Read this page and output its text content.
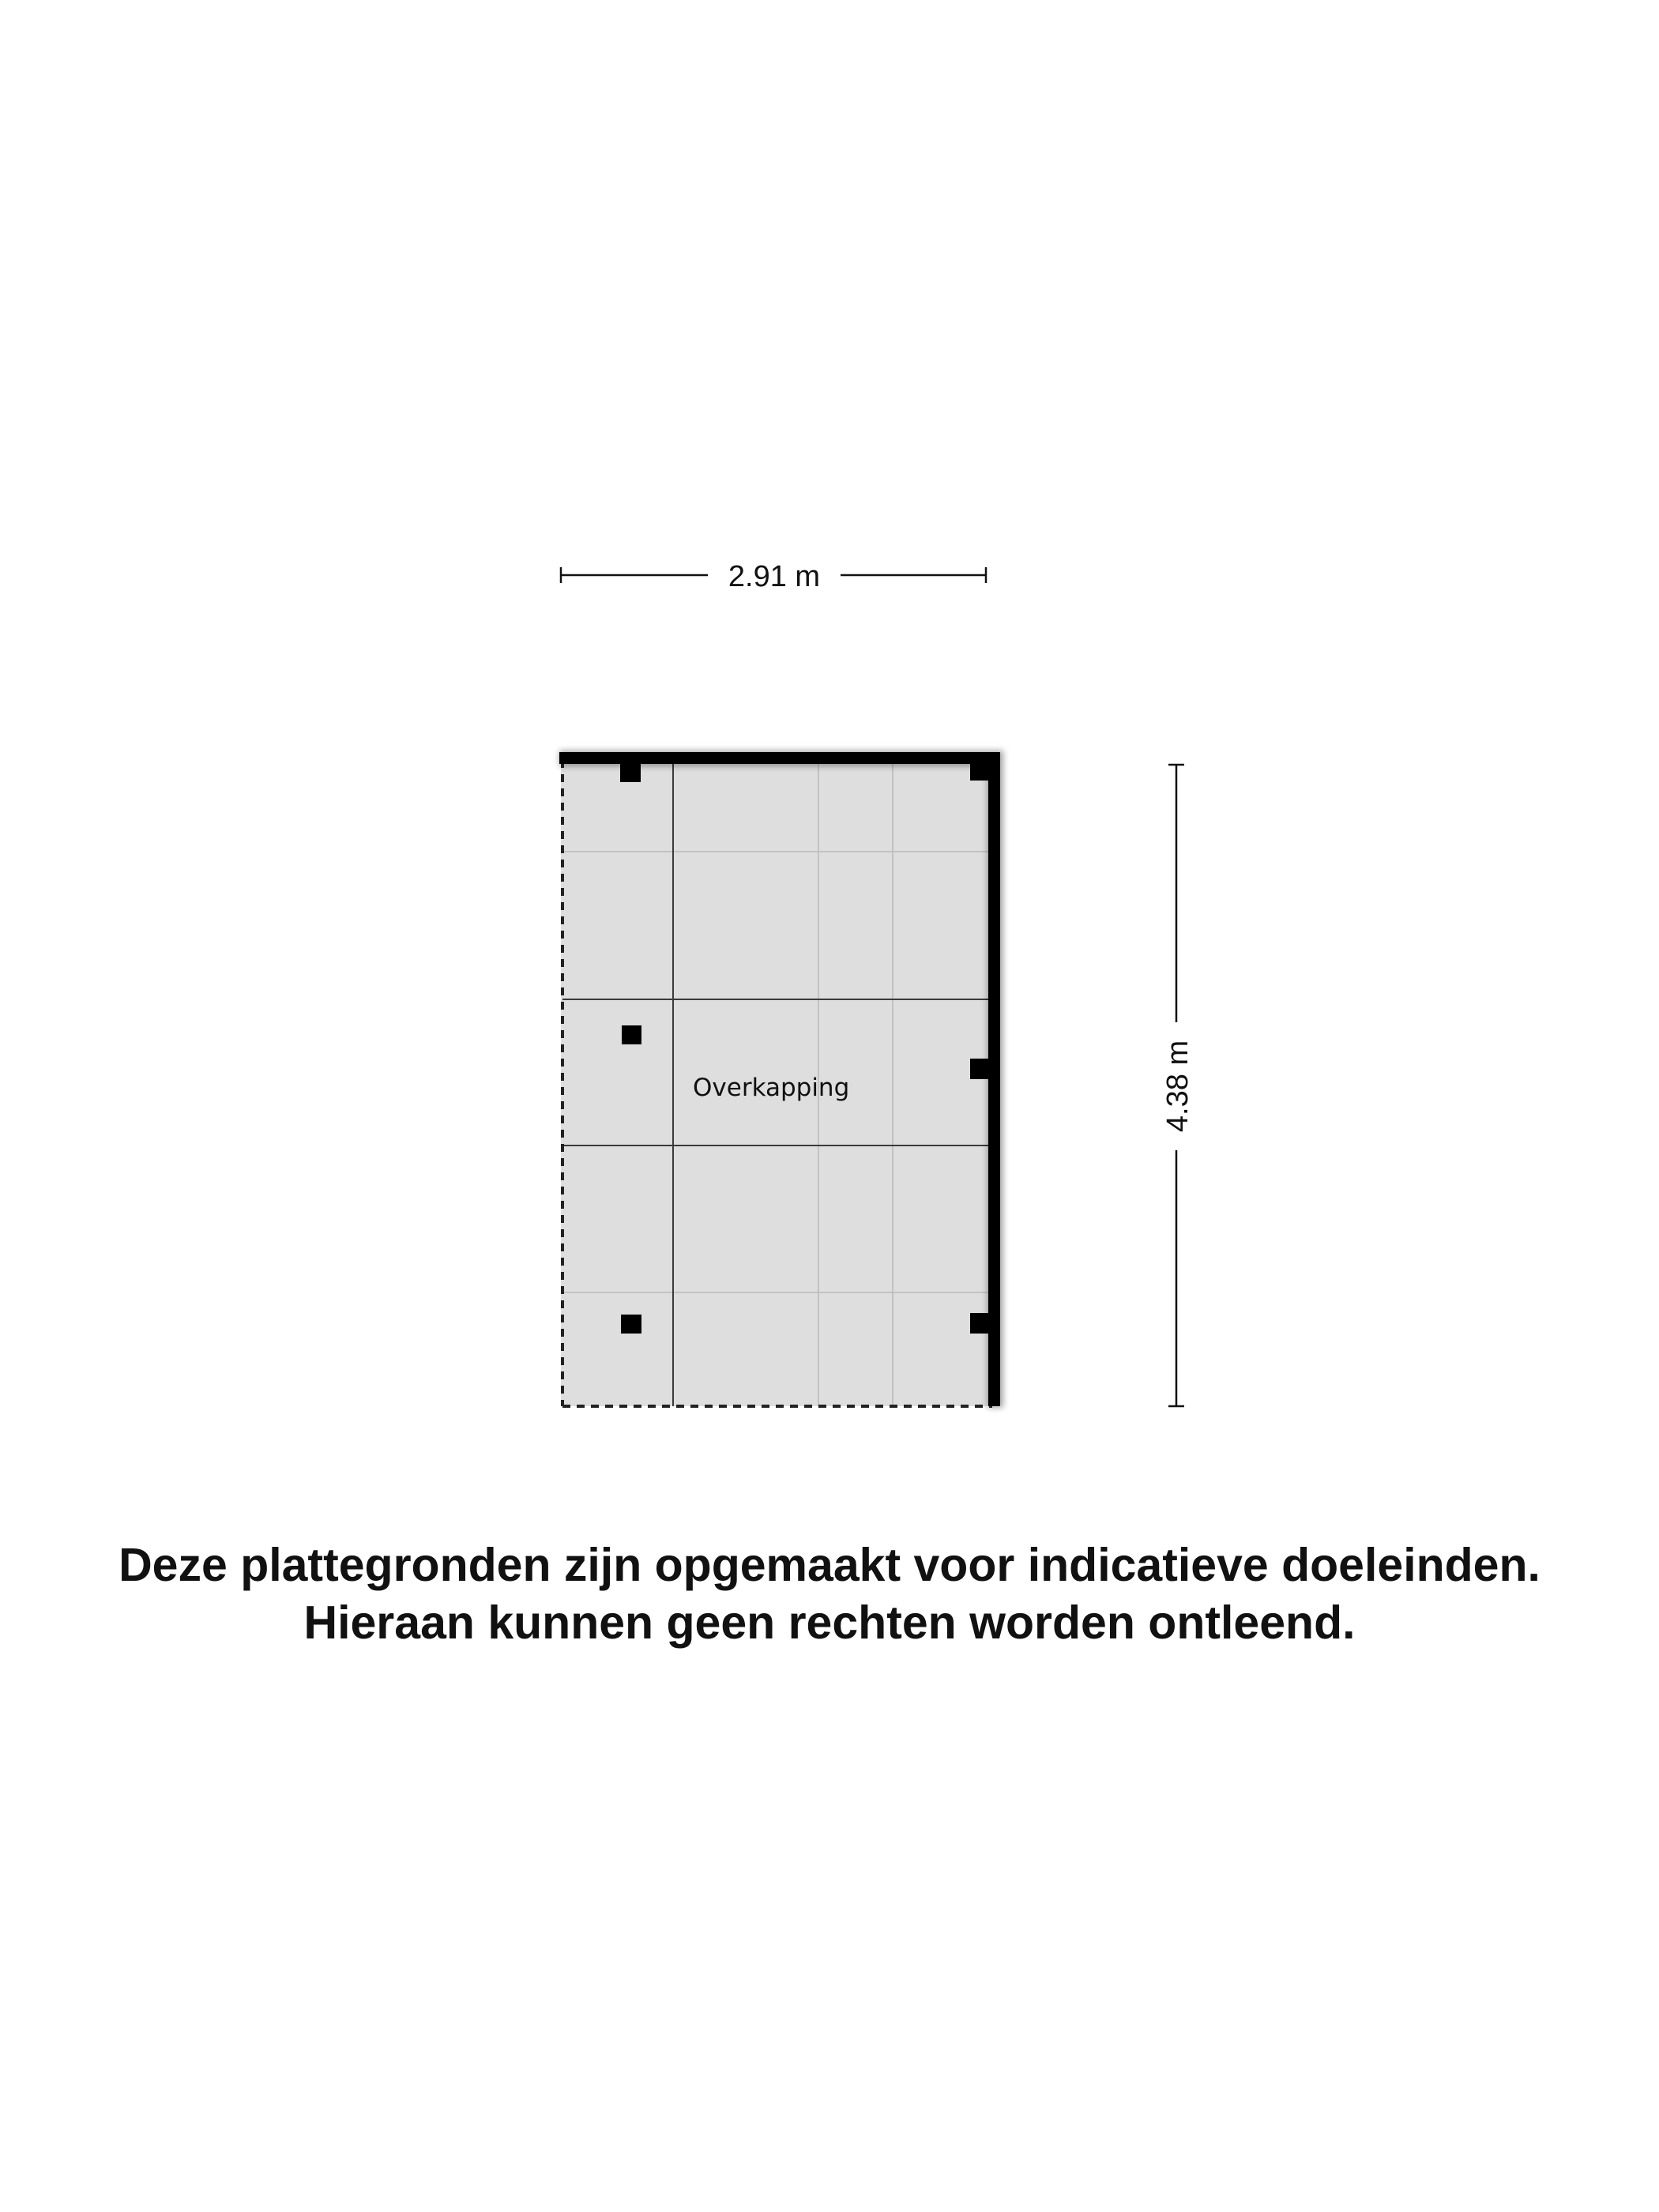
2.91 m
4.38 m
Overkapping
Deze plattegronden zijn opgemaakt voor indicatieve doeleinden.
Hieraan kunnen geen rechten worden ontleend.
